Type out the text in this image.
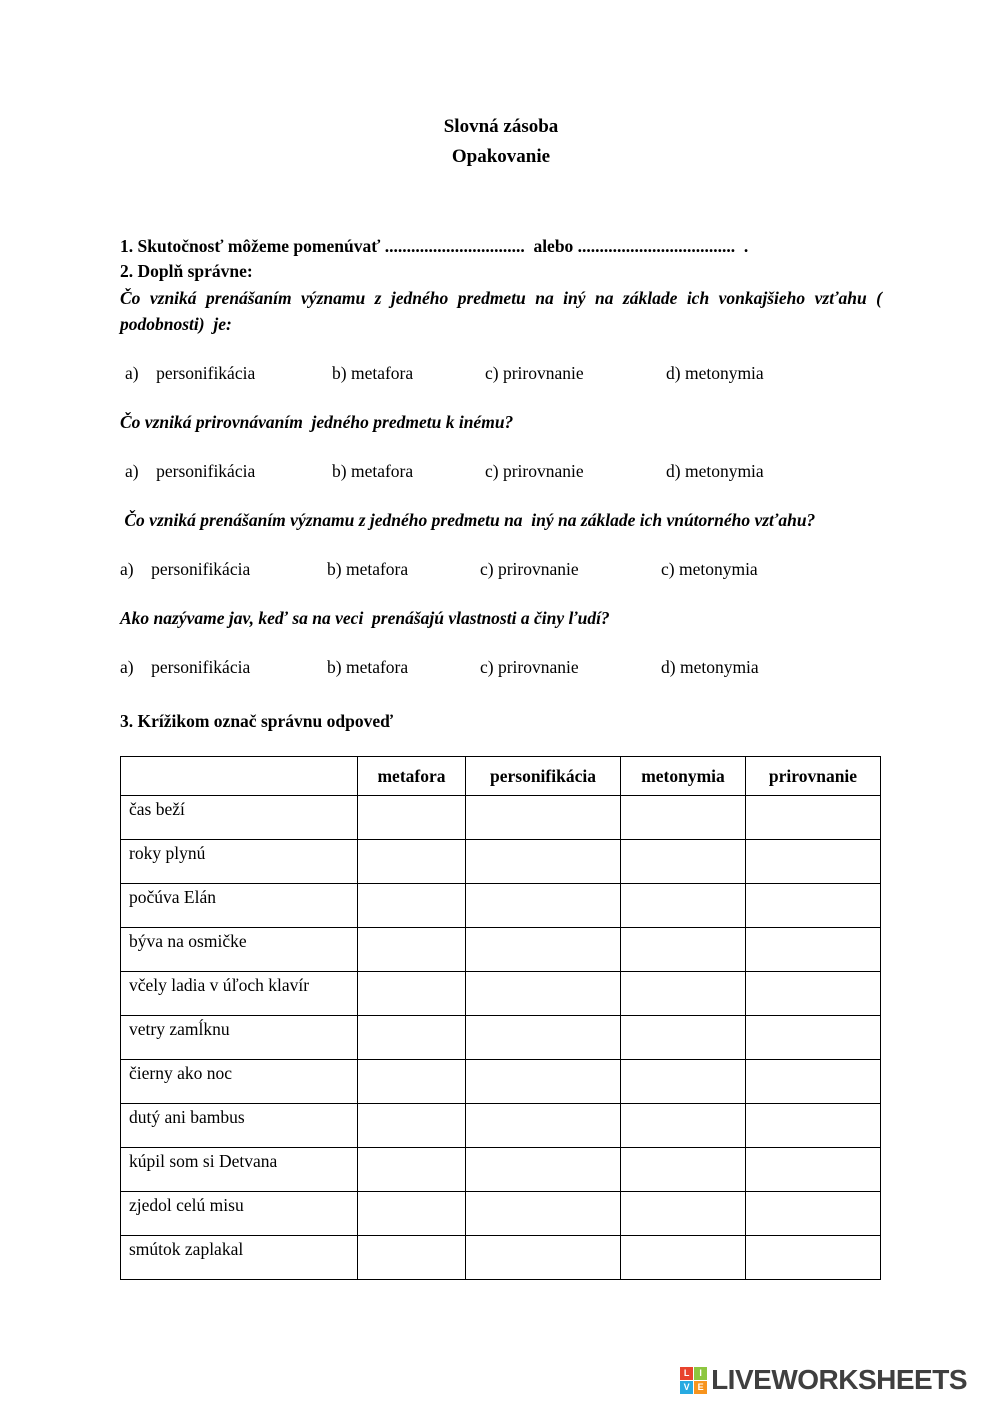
Slovná zásoba
Opakovanie
1. Skutočnosť môžeme pomenúvať ................................  alebo ....................................  .
2. Doplň správne:
Čo vzniká prenášaním významu z jedného predmetu na iný na základe ich vonkajšieho vzťahu ( podobnosti)  je:
a)    personifikácia	b) metafora	c) prirovnanie	d) metonymia
Čo vzniká prirovnávaním  jedného predmetu k inému?
a)    personifikácia	b) metafora	c) prirovnanie	d) metonymia
Čo vzniká prenášaním významu z jedného predmetu na  iný na základe ich vnútorného vzťahu?
a)    personifikácia	b) metafora	c) prirovnanie	c) metonymia
Ako nazývame jav, keď sa na veci  prenášajú vlastnosti a činy ľudí?
a)    personifikácia	b) metafora	c) prirovnanie	d) metonymia
3. Krížikom označ správnu odpoveď
	metafora	personifikácia	metonymia	prirovnanie
čas beží				
roky plynú				
počúva Elán				
býva na osmičke				
včely ladia v úľoch klavír				
vetry zamĺknu				
čierny ako noc				
dutý ani bambus				
kúpil som si Detvana				
zjedol celú misu				
smútok zaplakal				
L	I
V E LIVEWORKSHEETS
